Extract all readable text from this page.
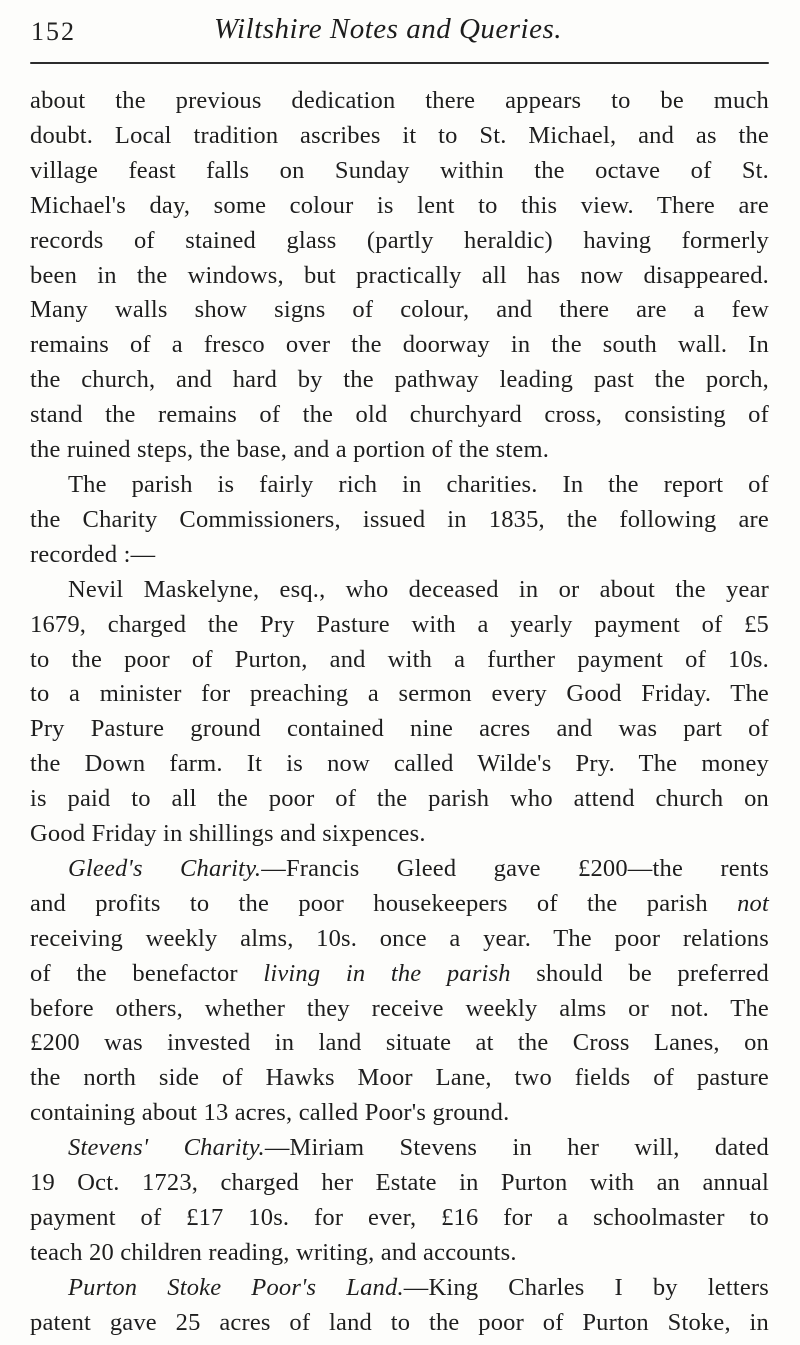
152	Wiltshire Notes and Queries.
about the previous dedication there appears to be much
doubt. Local tradition ascribes it to St. Michael, and as the
village feast falls on Sunday within the octave of St.
Michael's day, some colour is lent to this view. There are
records of stained glass (partly heraldic) having formerly
been in the windows, but practically all has now disappeared.
Many walls show signs of colour, and there are a few
remains of a fresco over the doorway in the south wall. In
the church, and hard by the pathway leading past the porch,
stand the remains of the old churchyard cross, consisting of
the ruined steps, the base, and a portion of the stem.
The parish is fairly rich in charities. In the report of
the Charity Commissioners, issued in 1835, the following are
recorded :—
Nevil Maskelyne, esq., who deceased in or about the year
1679, charged the Pry Pasture with a yearly payment of £5
to the poor of Purton, and with a further payment of 10s.
to a minister for preaching a sermon every Good Friday. The
Pry Pasture ground contained nine acres and was part of
the Down farm. It is now called Wilde's Pry. The money
is paid to all the poor of the parish who attend church on
Good Friday in shillings and sixpences.
Gleed's Charity.—Francis Gleed gave £200—the rents
and profits to the poor housekeepers of the parish not
receiving weekly alms, 10s. once a year. The poor relations
of the benefactor living in the parish should be preferred
before others, whether they receive weekly alms or not. The
£200 was invested in land situate at the Cross Lanes, on
the north side of Hawks Moor Lane, two fields of pasture
containing about 13 acres, called Poor's ground.
Stevens' Charity.—Miriam Stevens in her will, dated
19 Oct. 1723, charged her Estate in Purton with an annual
payment of £17 10s. for ever, £16 for a schoolmaster to
teach 20 children reading, writing, and accounts.
Purton Stoke Poor's Land.—King Charles I by letters
patent gave 25 acres of land to the poor of Purton Stoke, in
